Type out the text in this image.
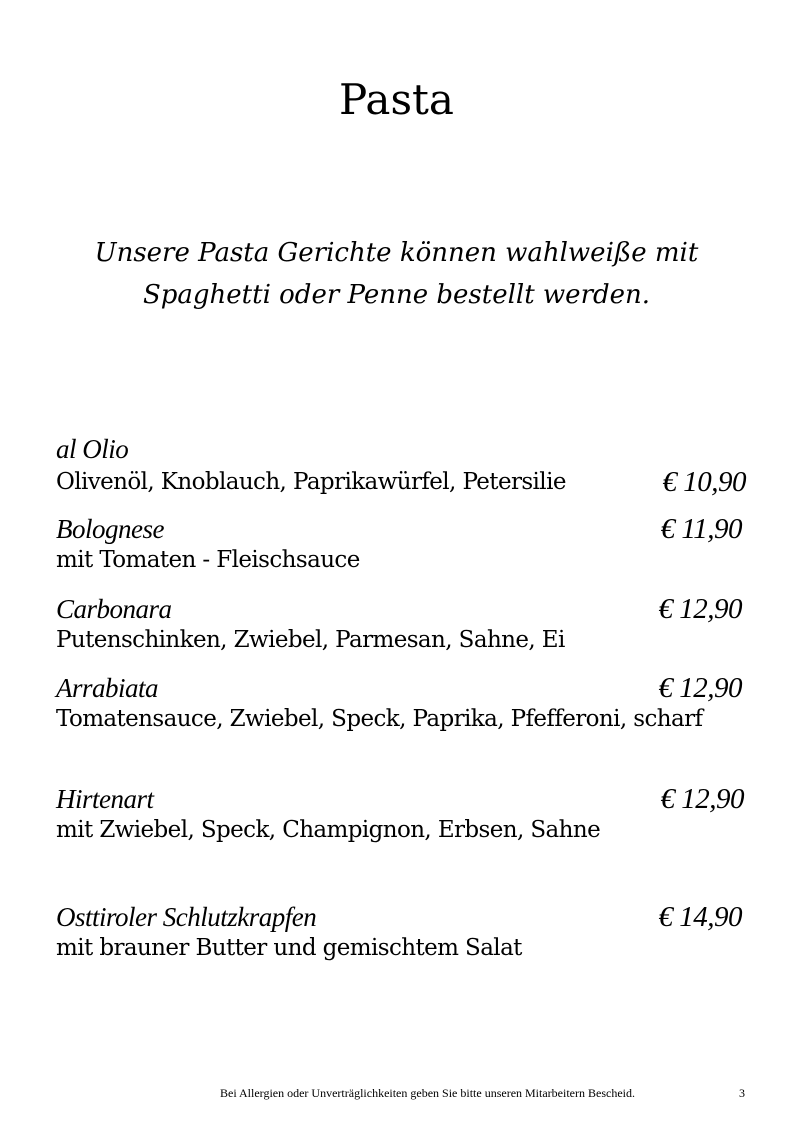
Pasta
Unsere Pasta Gerichte können wahlweiße mit
Spaghetti oder Penne bestellt werden.
al Olio
Olivenöl, Knoblauch, Paprikawürfel, Petersilie	€ 10,90
Bolognese	€ 11,90
mit Tomaten - Fleischsauce
Carbonara	€ 12,90
Putenschinken, Zwiebel, Parmesan, Sahne, Ei
Arrabiata	€ 12,90
Tomatensauce, Zwiebel, Speck, Paprika, Pfefferoni, scharf
Hirtenart	€ 12,90
mit Zwiebel, Speck, Champignon, Erbsen, Sahne
Osttiroler Schlutzkrapfen	€ 14,90
mit brauner Butter und gemischtem Salat
Bei Allergien oder Unverträglichkeiten geben Sie bitte unseren Mitarbeitern Bescheid.	3
